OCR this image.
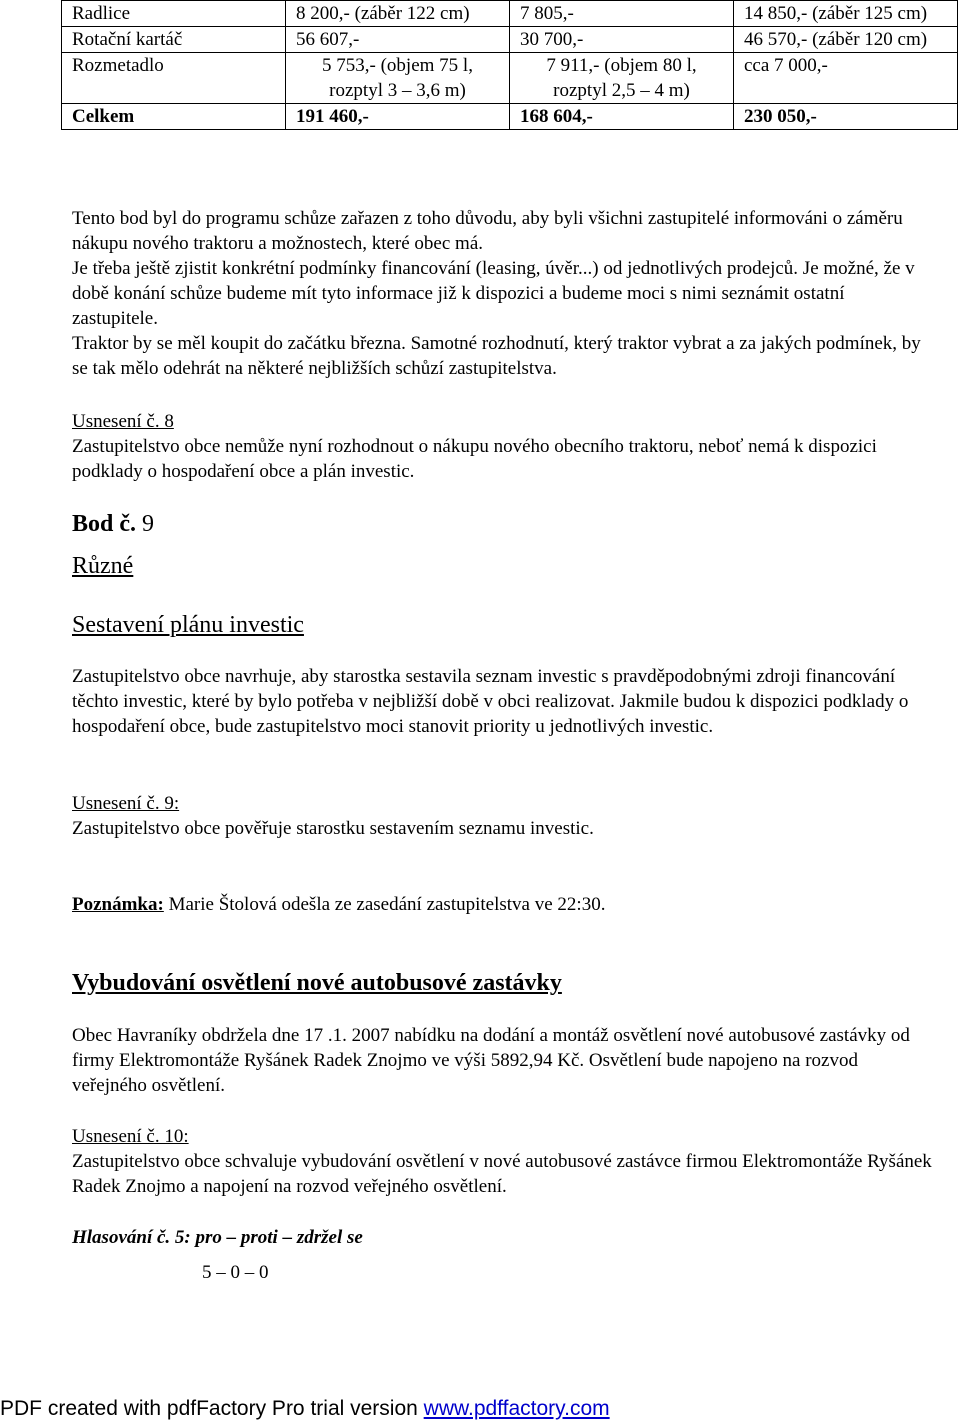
Radlice	8 200,- (záběr 122 cm)	7 805,-	14 850,- (záběr 125 cm)
Rotační kartáč	56 607,-	30 700,-	46 570,- (záběr 120 cm)
Rozmetadlo	5 753,- (objem 75 l, rozptyl 3 – 3,6 m)	7 911,- (objem 80 l, rozptyl 2,5 – 4 m)	cca 7 000,-
Celkem	191 460,-	168 604,-	230 050,-
Tento bod byl do programu schůze zařazen z toho důvodu, aby byli všichni zastupitelé informováni o záměru nákupu nového traktoru a možnostech, které obec má.
Je třeba ještě zjistit konkrétní podmínky financování (leasing, úvěr...) od jednotlivých prodejců. Je možné, že v době konání schůze budeme mít tyto informace již k dispozici a budeme moci s nimi seznámit ostatní zastupitele.
Traktor by se měl koupit do začátku března. Samotné rozhodnutí, který traktor vybrat a za jakých podmínek, by se tak mělo odehrát na některé nejbližších schůzí zastupitelstva.
Usnesení č. 8
Zastupitelstvo obce nemůže nyní rozhodnout o nákupu nového obecního traktoru, neboť nemá k dispozici podklady o hospodaření obce a plán investic.
Bod č. 9
Různé
Sestavení plánu investic
Zastupitelstvo obce navrhuje, aby starostka sestavila seznam investic s pravděpodobnými zdroji financování těchto investic, které by bylo potřeba v nejbližší době v obci realizovat. Jakmile budou k dispozici podklady o hospodaření obce, bude zastupitelstvo moci stanovit priority u jednotlivých investic.
Usnesení č. 9:
Zastupitelstvo obce pověřuje starostku sestavením seznamu investic.
Poznámka: Marie Štolová odešla ze zasedání zastupitelstva ve 22:30.
Vybudování osvětlení nové autobusové zastávky
Obec Havraníky obdržela dne 17 .1. 2007 nabídku na dodání a montáž osvětlení nové autobusové zastávky od firmy Elektromontáže Ryšánek Radek Znojmo ve výši 5892,94 Kč. Osvětlení bude napojeno na rozvod veřejného osvětlení.
Usnesení č. 10:
Zastupitelstvo obce schvaluje vybudování osvětlení v nové autobusové zastávce firmou Elektromontáže Ryšánek Radek Znojmo a napojení na rozvod veřejného osvětlení.
Hlasování č. 5: pro – proti – zdržel se
5 – 0 – 0
PDF created with pdfFactory Pro trial version www.pdffactory.com
